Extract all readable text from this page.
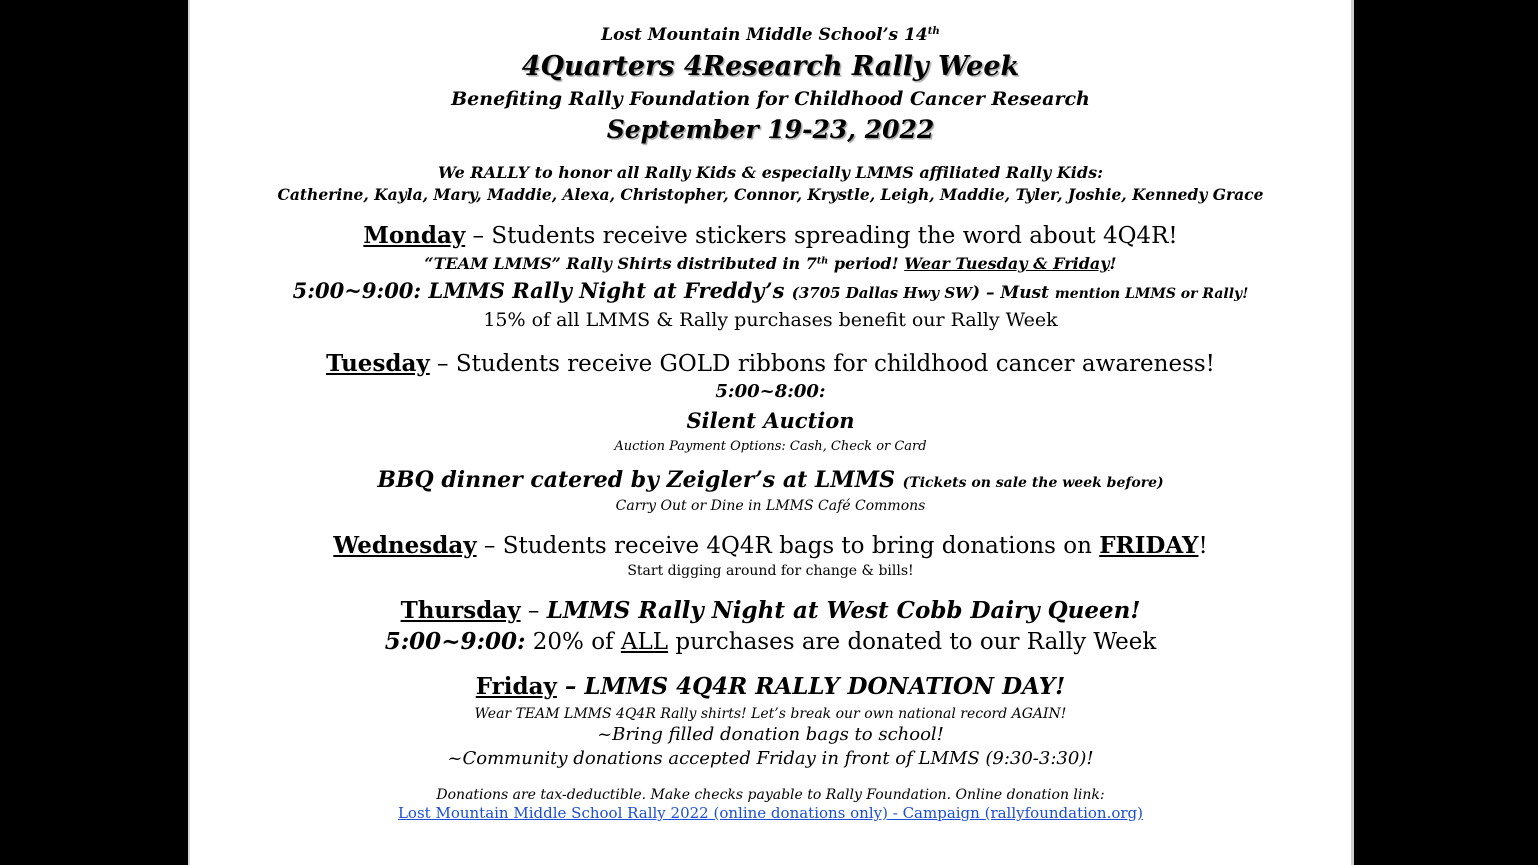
Lost Mountain Middle School’s 14th
4Quarters 4Research Rally Week
Benefiting Rally Foundation for Childhood Cancer Research
September 19-23, 2022
We RALLY to honor all Rally Kids & especially LMMS affiliated Rally Kids:
Catherine, Kayla, Mary, Maddie, Alexa, Christopher, Connor, Krystle, Leigh, Maddie, Tyler, Joshie, Kennedy Grace
Monday – Students receive stickers spreading the word about 4Q4R!
“TEAM LMMS” Rally Shirts distributed in 7th period! Wear Tuesday & Friday!
5:00~9:00: LMMS Rally Night at Freddy’s (3705 Dallas Hwy SW) – Must mention LMMS or Rally!
15% of all LMMS & Rally purchases benefit our Rally Week
Tuesday – Students receive GOLD ribbons for childhood cancer awareness!
5:00~8:00:
Silent Auction
Auction Payment Options: Cash, Check or Card
BBQ dinner catered by Zeigler’s at LMMS (Tickets on sale the week before)
Carry Out or Dine in LMMS Café Commons
Wednesday – Students receive 4Q4R bags to bring donations on FRIDAY!
Start digging around for change & bills!
Thursday – LMMS Rally Night at West Cobb Dairy Queen!
5:00~9:00: 20% of ALL purchases are donated to our Rally Week
Friday – LMMS 4Q4R RALLY DONATION DAY!
Wear TEAM LMMS 4Q4R Rally shirts! Let’s break our own national record AGAIN!
~Bring filled donation bags to school!
~Community donations accepted Friday in front of LMMS (9:30-3:30)!
Donations are tax-deductible. Make checks payable to Rally Foundation. Online donation link:
Lost Mountain Middle School Rally 2022 (online donations only) - Campaign (rallyfoundation.org)
